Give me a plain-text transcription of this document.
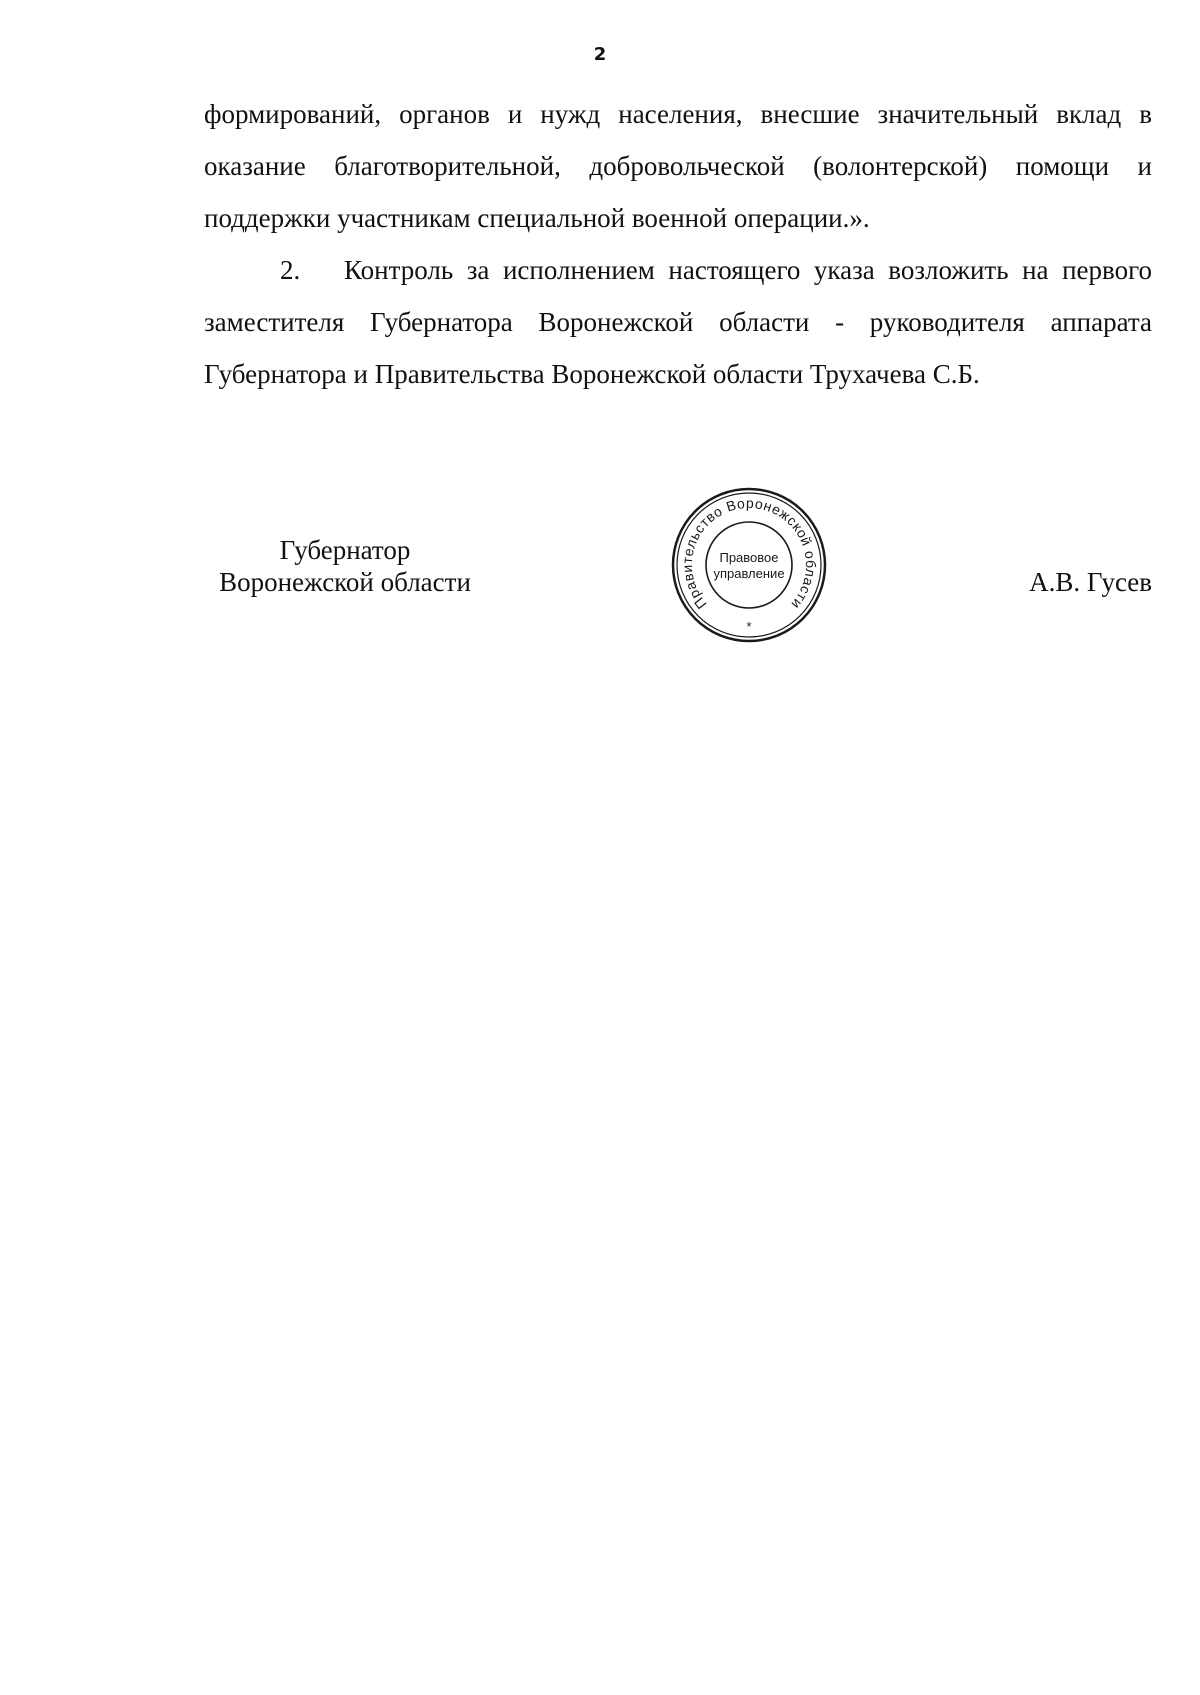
2

формирований, органов и нужд населения, внесшие значительный вклад в оказание благотворительной, добровольческой (волонтерской) помощи и поддержки участникам специальной военной операции.».

2. Контроль за исполнением настоящего указа возложить на первого заместителя Губернатора Воронежской области - руководителя аппарата Губернатора и Правительства Воронежской области Трухачева С.Б.

Губернатор
Воронежской области
Правительство Воронежской области
Правовое
управление
*
А.В. Гусев
